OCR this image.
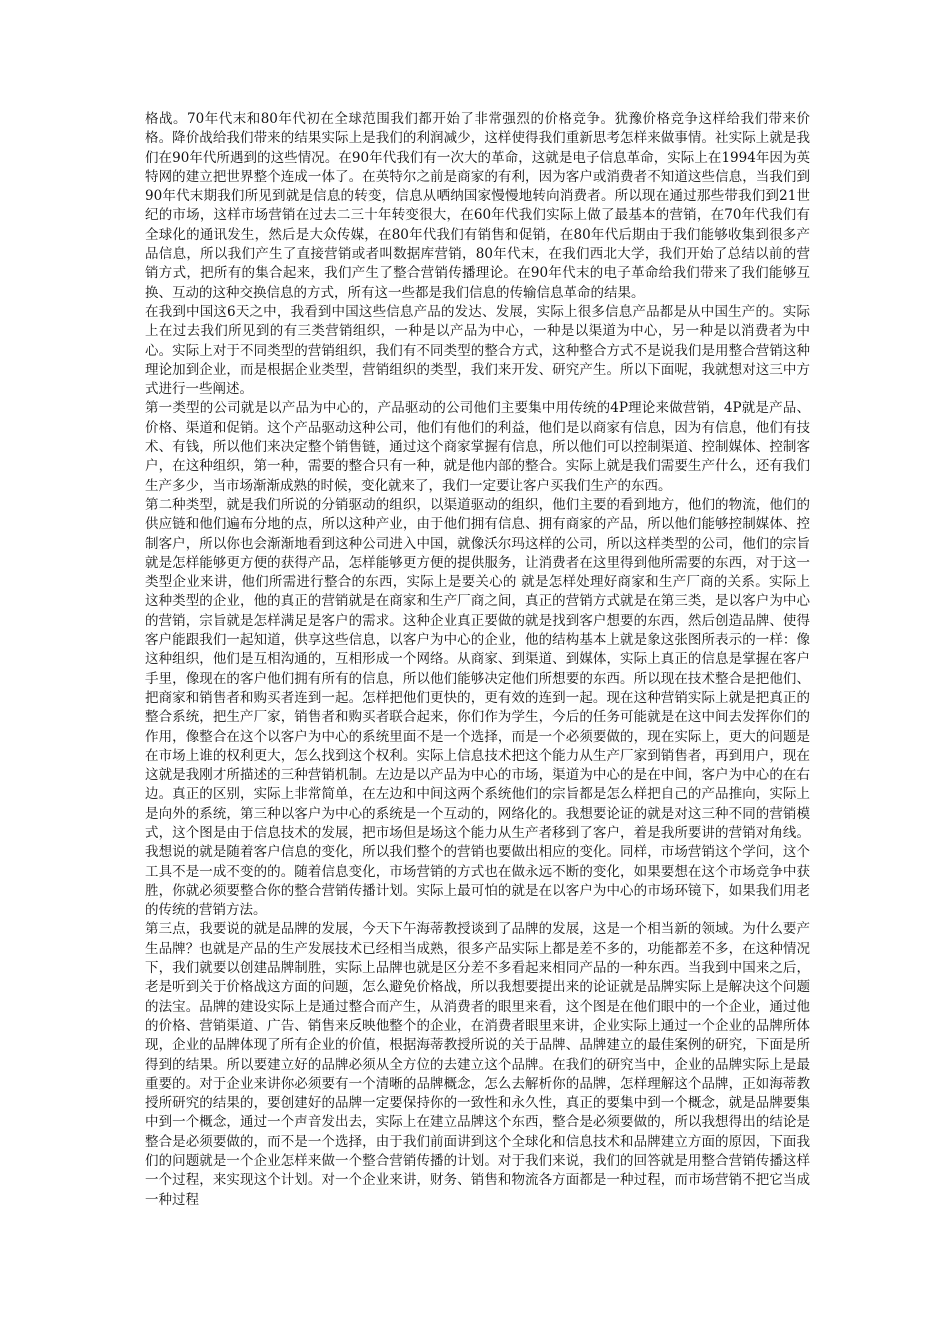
格战。70年代末和80年代初在全球范围我们都开始了非常强烈的价格竞争。犹豫价格竞争这样给我们带来价格。降价战给我们带来的结果实际上是我们的利润减少，这样使得我们重新思考怎样来做事情。社实际上就是我们在90年代所遇到的这些情况。在90年代我们有一次大的革命，这就是电子信息革命，实际上在1994年因为英特网的建立把世界整个连成一体了。在英特尔之前是商家的有利，因为客户或消费者不知道这些信息，当我们到90年代末期我们所见到就是信息的转变，信息从哂纳国家慢慢地转向消费者。所以现在通过那些带我们到21世纪的市场，这样市场营销在过去二三十年转变很大，在60年代我们实际上做了最基本的营销，在70年代我们有全球化的通讯发生，然后是大众传媒，在80年代我们有销售和促销，在80年代后期由于我们能够收集到很多产品信息，所以我们产生了直接营销或者叫数据库营销，80年代末，在我们西北大学，我们开始了总结以前的营销方式，把所有的集合起来，我们产生了整合营销传播理论。在90年代末的电子革命给我们带来了我们能够互换、互动的这种交换信息的方式，所有这一些都是我们信息的传输信息革命的结果。

在我到中国这6天之中，我看到中国这些信息产品的发达、发展，实际上很多信息产品都是从中国生产的。实际上在过去我们所见到的有三类营销组织，一种是以产品为中心，一种是以渠道为中心，另一种是以消费者为中心。实际上对于不同类型的营销组织，我们有不同类型的整合方式，这种整合方式不是说我们是用整合营销这种理论加到企业，而是根据企业类型，营销组织的类型，我们来开发、研究产生。所以下面呢，我就想对这三中方式进行一些阐述。

第一类型的公司就是以产品为中心的，产品驱动的公司他们主要集中用传统的4P理论来做营销，4P就是产品、价格、渠道和促销。这个产品驱动这种公司，他们有他们的利益，他们是以商家有信息，因为有信息，他们有技术、有钱，所以他们来决定整个销售链，通过这个商家掌握有信息，所以他们可以控制渠道、控制媒体、控制客户，在这种组织，第一种，需要的整合只有一种，就是他内部的整合。实际上就是我们需要生产什么，还有我们生产多少，当市场渐渐成熟的时候，变化就来了，我们一定要让客户买我们生产的东西。

第二种类型，就是我们所说的分销驱动的组织，以渠道驱动的组织，他们主要的看到地方，他们的物流，他们的供应链和他们遍布分地的点，所以这种产业，由于他们拥有信息、拥有商家的产品，所以他们能够控制媒体、控制客户，所以你也会渐渐地看到这种公司进入中国，就像沃尔玛这样的公司，所以这样类型的公司，他们的宗旨就是怎样能够更方便的获得产品，怎样能够更方便的提供服务，让消费者在这里得到他所需要的东西，对于这一类型企业来讲，他们所需进行整合的东西，实际上是要关心的 就是怎样处理好商家和生产厂商的关系。实际上这种类型的企业，他的真正的营销就是在商家和生产厂商之间，真正的营销方式就是在第三类，是以客户为中心的营销，宗旨就是怎样满足是客户的需求。这种企业真正要做的就是找到客户想要的东西，然后创造品牌、使得客户能跟我们一起知道，供享这些信息，以客户为中心的企业，他的结构基本上就是象这张图所表示的一样：像这种组织，他们是互相沟通的，互相形成一个网络。从商家、到渠道、到媒体，实际上真正的信息是掌握在客户手里，像现在的客户他们拥有所有的信息，所以他们能够决定他们所想要的东西。所以现在技术整合是把他们、把商家和销售者和购买者连到一起。怎样把他们更快的，更有效的连到一起。现在这种营销实际上就是把真正的整合系统，把生产厂家，销售者和购买者联合起来，你们作为学生，今后的任务可能就是在这中间去发挥你们的作用，像整合在这个以客户为中心的系统里面不是一个选择，而是一个必须要做的，现在实际上，更大的问题是在市场上谁的权利更大，怎么找到这个权利。实际上信息技术把这个能力从生产厂家到销售者，再到用户，现在这就是我刚才所描述的三种营销机制。左边是以产品为中心的市场，渠道为中心的是在中间，客户为中心的在右边。真正的区别，实际上非常简单，在左边和中间这两个系统他们的宗旨都是怎么样把自己的产品推向，实际上是向外的系统，第三种以客户为中心的系统是一个互动的，网络化的。我想要论证的就是对这三种不同的营销模式，这个图是由于信息技术的发展，把市场但是场这个能力从生产者移到了客户，着是我所要讲的营销对角线。我想说的就是随着客户信息的变化，所以我们整个的营销也要做出相应的变化。同样，市场营销这个学问，这个工具不是一成不变的的。随着信息变化，市场营销的方式也在做永远不断的变化，如果要想在这个市场竞争中获胜，你就必须要整合你的整合营销传播计划。实际上最可怕的就是在以客户为中心的市场环镜下，如果我们用老的传统的营销方法。

第三点，我要说的就是品牌的发展，今天下午海蒂教授谈到了品牌的发展，这是一个相当新的领域。为什么要产生品牌？也就是产品的生产发展技术已经相当成熟，很多产品实际上都是差不多的，功能都差不多，在这种情况下，我们就要以创建品牌制胜，实际上品牌也就是区分差不多看起来相同产品的一种东西。当我到中国来之后，老是听到关于价格战这方面的问题，怎么避免价格战，所以我想要提出来的论证就是品牌实际上是解决这个问题的法宝。品牌的建设实际上是通过整合而产生，从消费者的眼里来看，这个图是在他们眼中的一个企业，通过他的价格、营销渠道、广告、销售来反映他整个的企业，在消费者眼里来讲，企业实际上通过一个企业的品牌所体现，企业的品牌体现了所有企业的价值，根据海蒂教授所说的关于品牌、品牌建立的最佳案例的研究，下面是所得到的结果。所以要建立好的品牌必须从全方位的去建立这个品牌。在我们的研究当中，企业的品牌实际上是最重要的。对于企业来讲你必须要有一个清晰的品牌概念，怎么去解析你的品牌，怎样理解这个品牌，正如海蒂教授所研究的结果的，要创建好的品牌一定要保持你的一致性和永久性，真正的要集中到一个概念，就是品牌要集中到一个概念，通过一个声音发出去，实际上在建立品牌这个东西，整合是必须要做的，所以我想得出的结论是整合是必须要做的，而不是一个选择，由于我们前面讲到这个全球化和信息技术和品牌建立方面的原因，下面我们的问题就是一个企业怎样来做一个整合营销传播的计划。对于我们来说，我们的回答就是用整合营销传播这样一个过程，来实现这个计划。对一个企业来讲，财务、销售和物流各方面都是一种过程，而市场营销不把它当成一种过程
